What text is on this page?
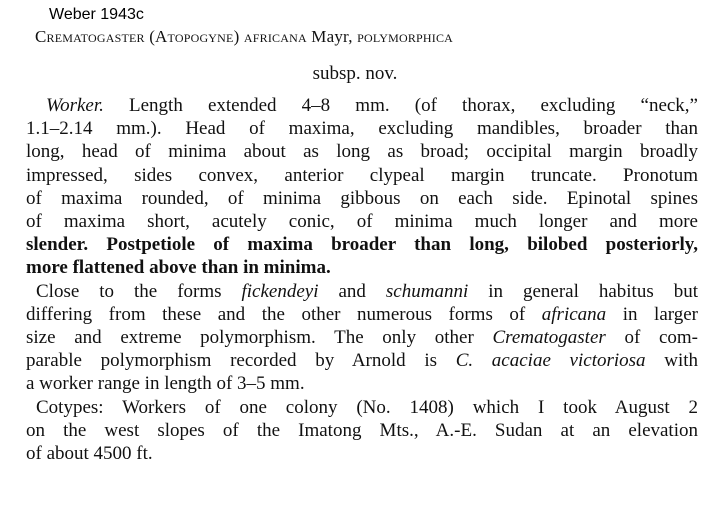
Weber 1943c
Crematogaster (Atopogyne) africana Mayr, polymorphica
subsp. nov.
Worker. Length extended 4–8 mm. (of thorax, excluding “neck,”
1.1–2.14 mm.). Head of maxima, excluding mandibles, broader than
long, head of minima about as long as broad; occipital margin broadly
impressed, sides convex, anterior clypeal margin truncate. Pronotum
of maxima rounded, of minima gibbous on each side. Epinotal spines
of maxima short, acutely conic, of minima much longer and more
slender. Postpetiole of maxima broader than long, bilobed posteriorly,
more flattened above than in minima.
Close to the forms fickendeyi and schumanni in general habitus but
differing from these and the other numerous forms of africana in larger
size and extreme polymorphism. The only other Crematogaster of com-
parable polymorphism recorded by Arnold is C. acaciae victoriosa with
a worker range in length of 3–5 mm.
Cotypes: Workers of one colony (No. 1408) which I took August 2
on the west slopes of the Imatong Mts., A.-E. Sudan at an elevation
of about 4500 ft.
